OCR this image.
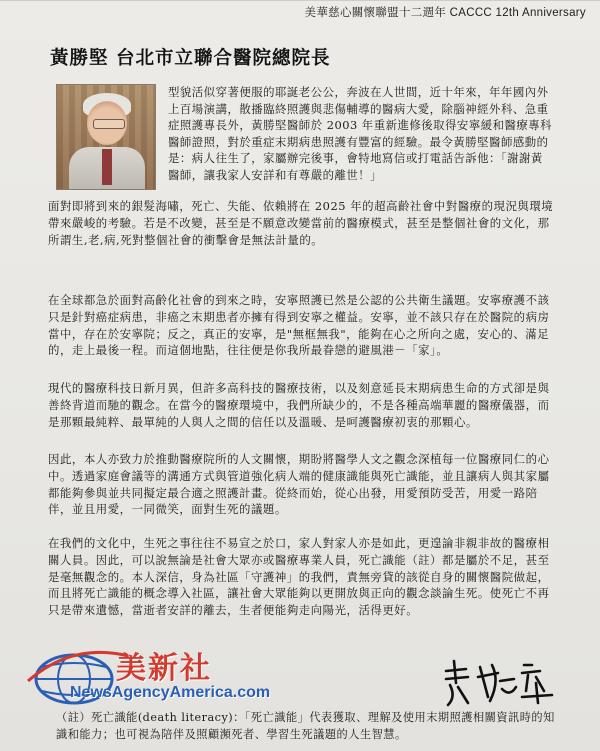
美華慈心關懷聯盟十二週年 CACCC 12th Anniversary
黃勝堅 台北市立聯合醫院總院長
型貌活似穿著便服的耶誕老公公，奔波在人世間，近十年來，年年國內外上百場演講，散播臨終照護與悲傷輔導的醫病大愛，除腦神經外科、急重症照護專長外，黃勝堅醫師於 2003 年重新進修後取得安寧緩和醫療專科醫師證照，對於重症末期病患照護有豐富的經驗。最令黃勝堅醫師感動的是：病人往生了，家屬辦完後事，會特地寫信或打電話告訴他：「謝謝黃醫師，讓我家人安詳和有尊嚴的離世！」
面對即將到來的銀髮海嘯，死亡、失能、依賴將在 2025 年的超高齡社會中對醫療的現況與環境帶來嚴峻的考驗。若是不改變，甚至是不願意改變當前的醫療模式，甚至是整個社會的文化，那所謂生,老,病,死對整個社會的衝擊會是無法計量的。
在全球都急於面對高齡化社會的到來之時，安寧照護已然是公認的公共衛生議題。安寧療護不該只是針對癌症病患，非癌之末期患者亦擁有得到安寧之權益。安寧，並不該只存在於醫院的病房當中，存在於安寧院；反之，真正的安寧，是"無框無我"，能夠在心之所向之處，安心的、滿足的，走上最後一程。而這個地點，往往便是你我所最眷戀的避風港－「家」。
現代的醫療科技日新月異，但許多高科技的醫療技術，以及刻意延長末期病患生命的方式卻是與善終背道而馳的觀念。在當今的醫療環境中，我們所缺少的，不是各種高端華麗的醫療儀器，而是那顆最純粹、最單純的人與人之間的信任以及溫暖、是呵護醫療初衷的那顆心。
因此，本人亦致力於推動醫療院所的人文關懷，期盼將醫學人文之觀念深植每一位醫療同仁的心中。透過家庭會議等的溝通方式與管道強化病人端的健康識能與死亡識能，並且讓病人與其家屬都能夠參與並共同擬定最合適之照護計畫。從終而始，從心出發，用愛預防受苦，用愛一路陪伴，並且用愛，一同微笑，面對生死的議題。
在我們的文化中，生死之事往往不易宣之於口，家人對家人亦是如此，更遑論非親非故的醫療相關人員。因此，可以說無論是社會大眾亦或醫療專業人員，死亡識能（註）都是屬於不足，甚至是毫無觀念的。本人深信，身為社區「守護神」的我們，責無旁貸的該從自身的關懷醫院做起，而且將死亡識能的概念導入社區，讓社會大眾能夠以更開放與正向的觀念談論生死。使死亡不再只是帶來遺憾，當逝者安詳的離去，生者便能夠走向陽光，活得更好。
美新社
NewsAgencyAmerica.com
（註）死亡識能(death literacy)：「死亡識能」代表獲取、理解及使用末期照護相關資訊時的知識和能力；也可視為陪伴及照顧瀕死者、學習生死議題的人生智慧。
